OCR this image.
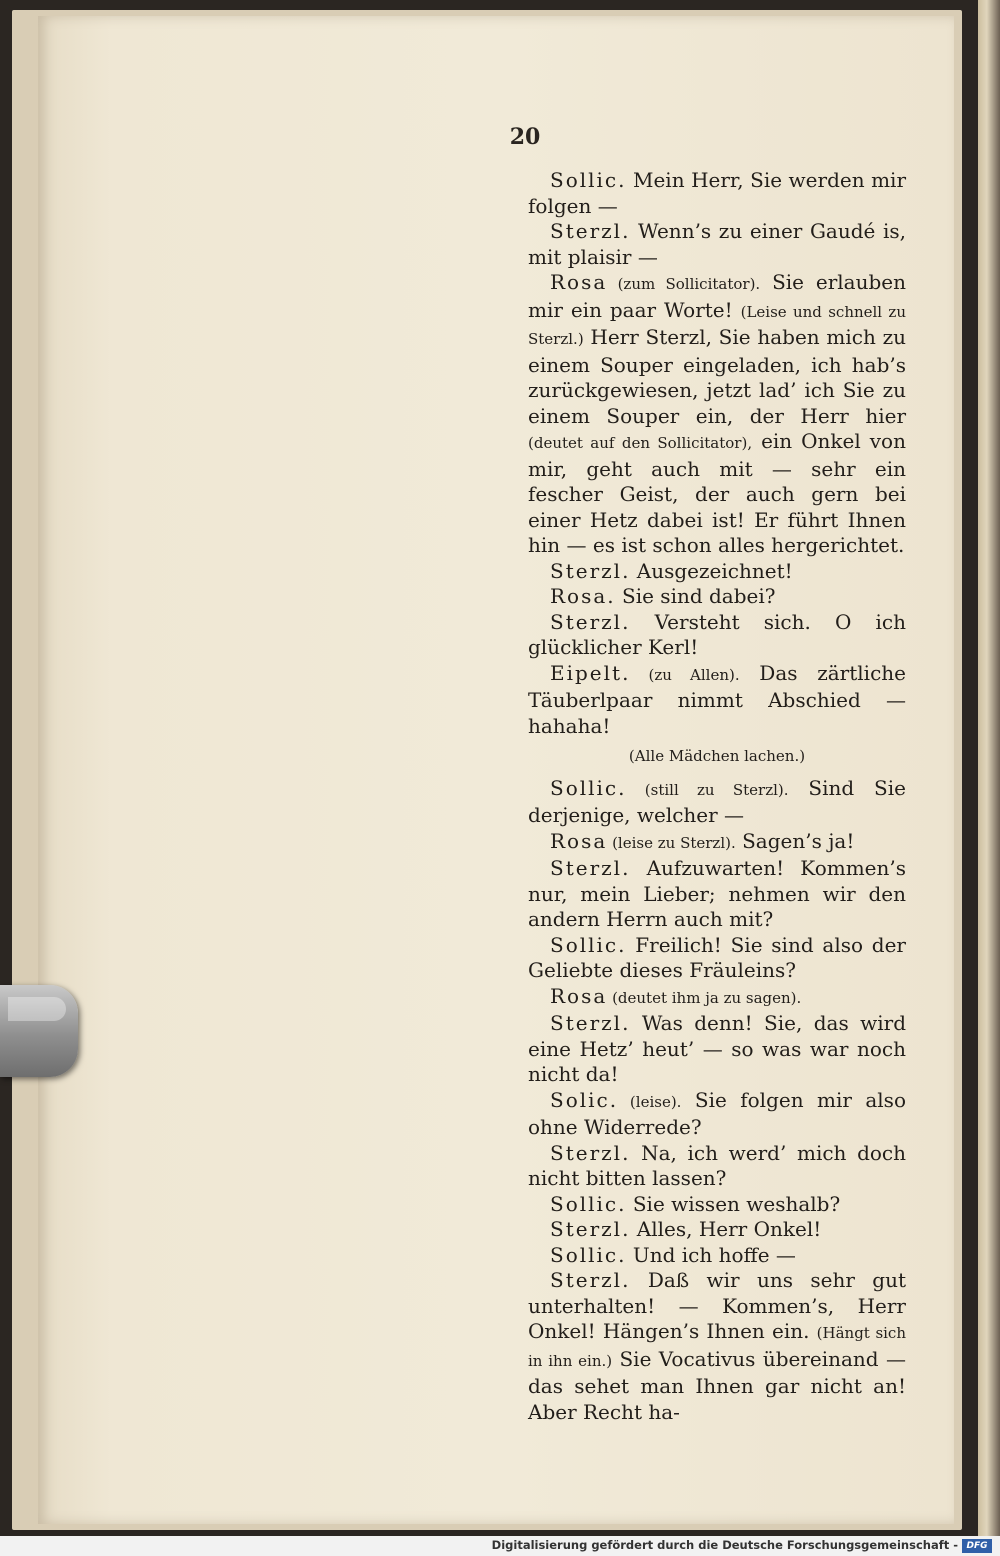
20

Sollic. Mein Herr, Sie werden mir folgen —

Sterzl. Wenn’s zu einer Gaudé is, mit plaisir —

Rosa (zum Sollicitator). Sie erlauben mir ein paar Worte! (Leise und schnell zu Sterzl.) Herr Sterzl, Sie haben mich zu einem Souper eingeladen, ich hab’s zurückgewiesen, jetzt lad’ ich Sie zu einem Souper ein, der Herr hier (deutet auf den Sollicitator), ein Onkel von mir, geht auch mit — sehr ein fescher Geist, der auch gern bei einer Hetz dabei ist! Er führt Ihnen hin — es ist schon alles hergerichtet.

Sterzl. Ausgezeichnet!

Rosa. Sie sind dabei?

Sterzl. Versteht sich. O ich glücklicher Kerl!

Eipelt. (zu Allen). Das zärtliche Täuberlpaar nimmt Abschied — hahaha!

(Alle Mädchen lachen.)

Sollic. (still zu Sterzl). Sind Sie derjenige, welcher —

Rosa (leise zu Sterzl). Sagen’s ja!

Sterzl. Aufzuwarten! Kommen’s nur, mein Lieber; nehmen wir den andern Herrn auch mit?

Sollic. Freilich! Sie sind also der Geliebte dieses Fräuleins?

Rosa (deutet ihm ja zu sagen).

Sterzl. Was denn! Sie, das wird eine Hetz’ heut’ — so was war noch nicht da!

Solic. (leise). Sie folgen mir also ohne Widerrede?

Sterzl. Na, ich werd’ mich doch nicht bitten lassen?

Sollic. Sie wissen weshalb?

Sterzl. Alles, Herr Onkel!

Sollic. Und ich hoffe —

Sterzl. Daß wir uns sehr gut unterhalten! — Kommen’s, Herr Onkel! Hängen’s Ihnen ein. (Hängt sich in ihn ein.) Sie Vocativus übereinand — das sehet man Ihnen gar nicht an! Aber Recht ha-

Digitalisierung gefördert durch die Deutsche Forschungsgemeinschaft - DFG
